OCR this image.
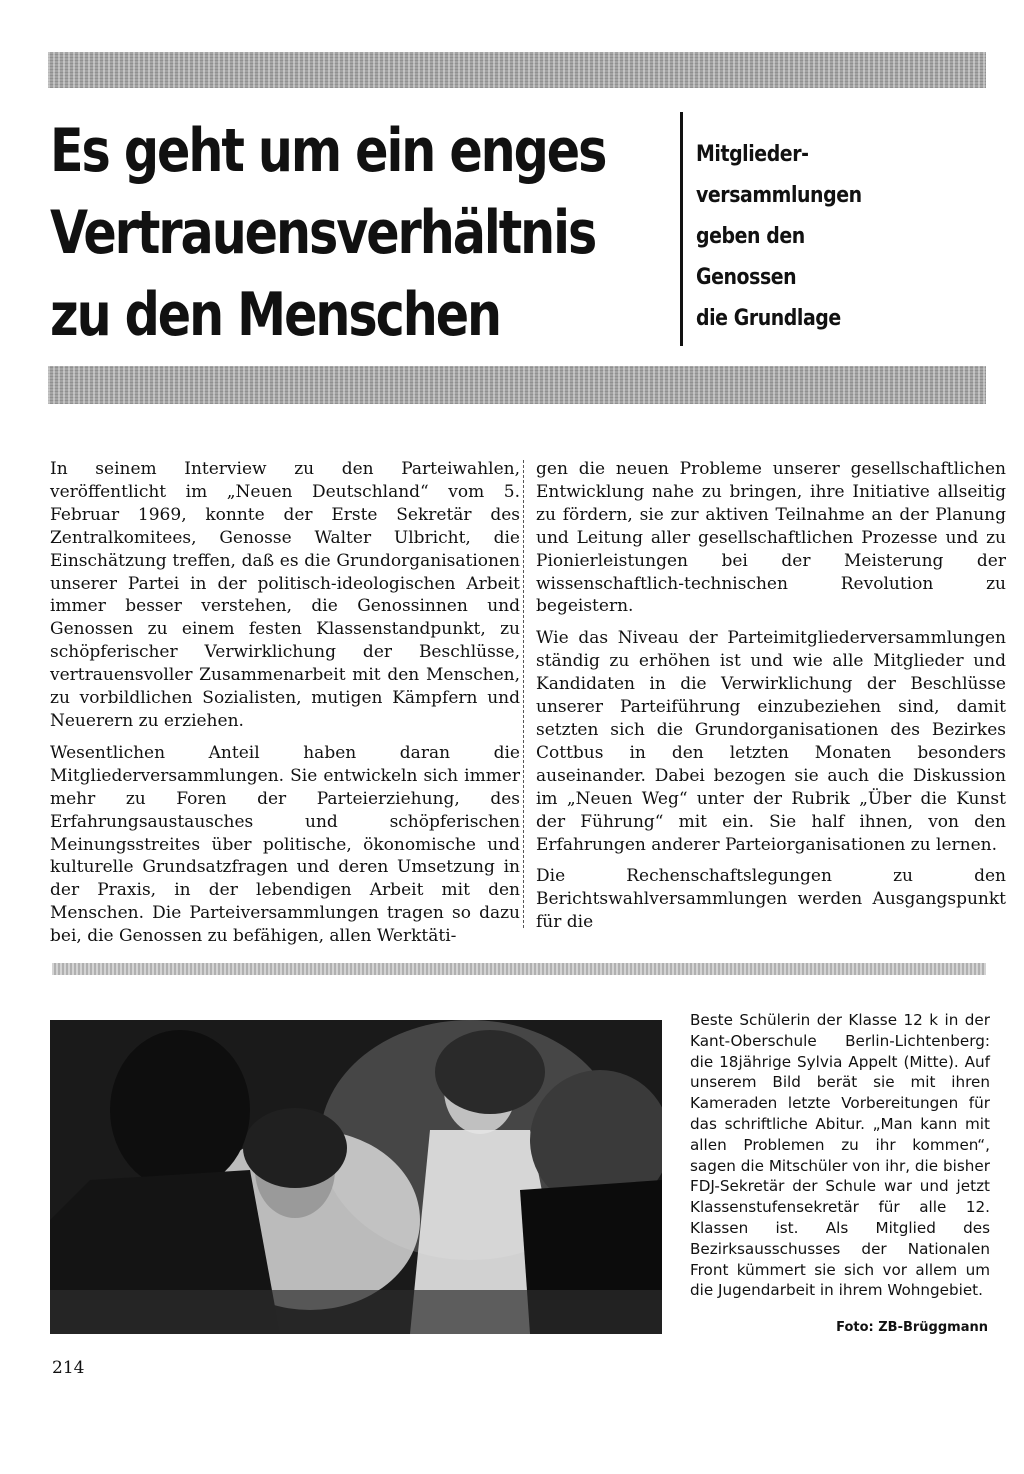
Es geht um ein enges
Vertrauensverhältnis
zu den Menschen
Mitglieder-
versammlungen
geben den
Genossen
die Grundlage

In seinem Interview zu den Parteiwahlen, veröffentlicht im „Neuen Deutschland“ vom 5. Februar 1969, konnte der Erste Sekretär des Zentralkomitees, Genosse Walter Ulbricht, die Einschätzung treffen, daß es die Grundorganisationen unserer Partei in der politisch-ideologischen Arbeit immer besser verstehen, die Genossinnen und Genossen zu einem festen Klassenstandpunkt, zu schöpferischer Verwirklichung der Beschlüsse, vertrauensvoller Zusammenarbeit mit den Menschen, zu vorbildlichen Sozialisten, mutigen Kämpfern und Neuerern zu erziehen.

Wesentlichen Anteil haben daran die Mitgliederversammlungen. Sie entwickeln sich immer mehr zu Foren der Parteierziehung, des Erfahrungsaustausches und schöpferischen Meinungsstreites über politische, ökonomische und kulturelle Grundsatzfragen und deren Umsetzung in der Praxis, in der lebendigen Arbeit mit den Menschen. Die Parteiversammlungen tragen so dazu bei, die Genossen zu befähigen, allen Werktäti-

gen die neuen Probleme unserer gesellschaftlichen Entwicklung nahe zu bringen, ihre Initiative allseitig zu fördern, sie zur aktiven Teilnahme an der Planung und Leitung aller gesellschaftlichen Prozesse und zu Pionierleistungen bei der Meisterung der wissenschaftlich-technischen Revolution zu begeistern.

Wie das Niveau der Parteimitgliederversammlungen ständig zu erhöhen ist und wie alle Mitglieder und Kandidaten in die Verwirklichung der Beschlüsse unserer Parteiführung einzubeziehen sind, damit setzten sich die Grundorganisationen des Bezirkes Cottbus in den letzten Monaten besonders auseinander. Dabei bezogen sie auch die Diskussion im „Neuen Weg“ unter der Rubrik „Über die Kunst der Führung“ mit ein. Sie half ihnen, von den Erfahrungen anderer Parteiorganisationen zu lernen.

Die Rechenschaftslegungen zu den Berichtswahlversammlungen werden Ausgangspunkt für die

Beste Schülerin der Klasse 12 k in der Kant-Oberschule Berlin-Lichtenberg: die 18jährige Sylvia Appelt (Mitte). Auf unserem Bild berät sie mit ihren Kameraden letzte Vorbereitungen für das schriftliche Abitur. „Man kann mit allen Problemen zu ihr kommen“, sagen die Mitschüler von ihr, die bisher FDJ-Sekretär der Schule war und jetzt Klassenstufensekretär für alle 12. Klassen ist. Als Mitglied des Bezirksausschusses der Nationalen Front kümmert sie sich vor allem um die Jugendarbeit in ihrem Wohngebiet.

Foto: ZB-Brüggmann
214
